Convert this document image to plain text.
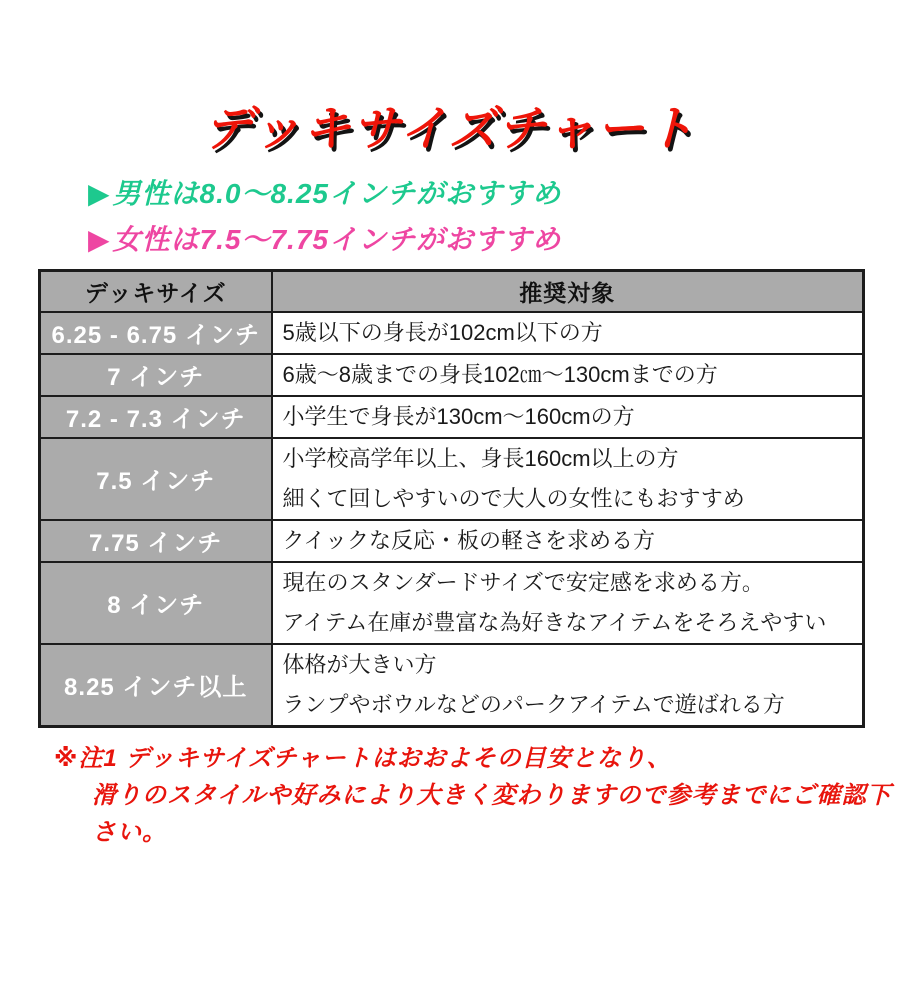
デッキサイズチャート
▶男性は8.0〜8.25インチがおすすめ
▶女性は7.5〜7.75インチがおすすめ
デッキサイズ	推奨対象
6.25 - 6.75 インチ	5歳以下の身長が102cm以下の方

7 インチ	6歳〜8歳までの身長102㎝〜130cmまでの方

7.2 - 7.3 インチ	小学生で身長が130cm〜160cmの方

7.5 インチ	小学校高学年以上、身長160cm以上の方
細くて回しやすいので大人の女性にもおすすめ

7.75 インチ	クイックな反応・板の軽さを求める方

8 インチ	現在のスタンダードサイズで安定感を求める方。
アイテム在庫が豊富な為好きなアイテムをそろえやすい

8.25 インチ以上	体格が大きい方
ランプやボウルなどのパークアイテムで遊ばれる方
※注1 デッキサイズチャートはおおよその目安となり、
滑りのスタイルや好みにより大きく変わりますので参考までにご確認下さい。
